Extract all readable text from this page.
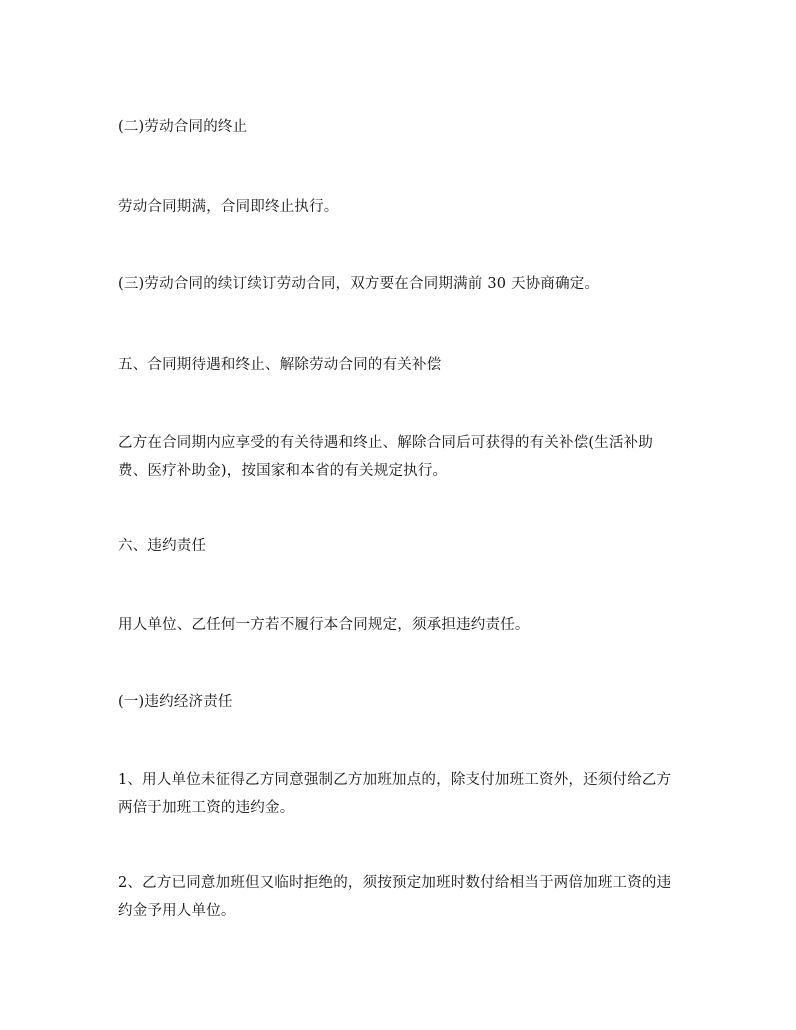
(二)劳动合同的终止

劳动合同期满，合同即终止执行。

(三)劳动合同的续订续订劳动合同，双方要在合同期满前 30 天协商确定。

五、合同期待遇和终止、解除劳动合同的有关补偿

乙方在合同期内应享受的有关待遇和终止、解除合同后可获得的有关补偿(生活补助费、医疗补助金)，按国家和本省的有关规定执行。

六、违约责任

用人单位、乙任何一方若不履行本合同规定，须承担违约责任。

(一)违约经济责任

1、用人单位未征得乙方同意强制乙方加班加点的，除支付加班工资外，还须付给乙方两倍于加班工资的违约金。

2、乙方已同意加班但又临时拒绝的，须按预定加班时数付给相当于两倍加班工资的违约金予用人单位。
